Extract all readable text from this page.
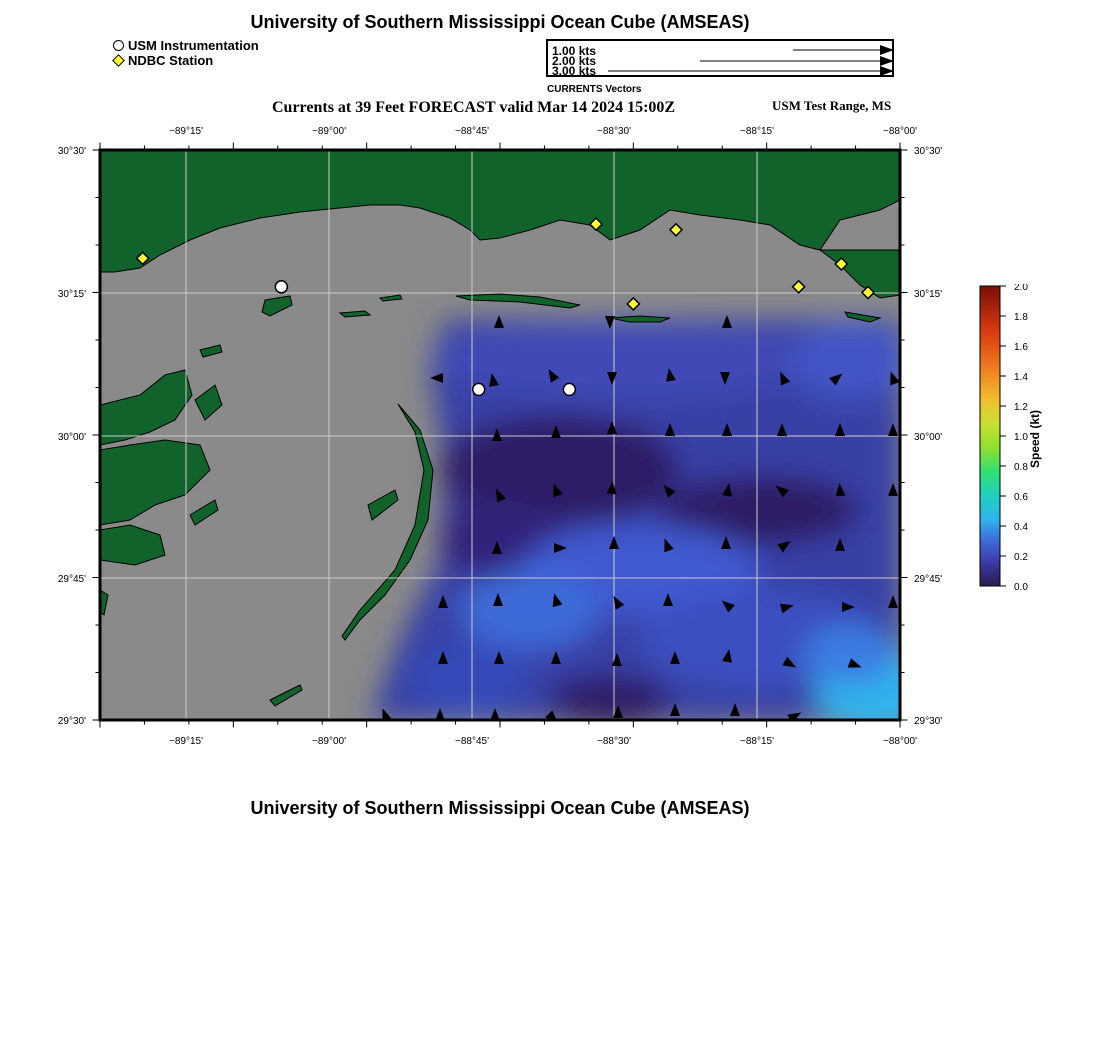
University of Southern Mississippi Ocean Cube (AMSEAS)
USM Instrumentation
NDBC Station
1.00 kts
2.00 kts
3.00 kts
CURRENTS Vectors
Currents at 39 Feet FORECAST valid Mar 14 2024 15:00Z	USM Test Range, MS
−89°15'	−89°00'	−88°45'	−88°30'	−88°15'	−88°00'
−89°15'	−89°00'	−88°45'	−88°30'	−88°15'	−88°00'
30°30'
30°15'
30°00'
29°45'
29°30'
30°30'
30°15'
30°00'
29°45'
29°30'
2.0
1.8
1.6
1.4
1.2
1.0
0.8
0.6
0.4
0.2
0.0
Speed (kt)
University of Southern Mississippi Ocean Cube (AMSEAS)
